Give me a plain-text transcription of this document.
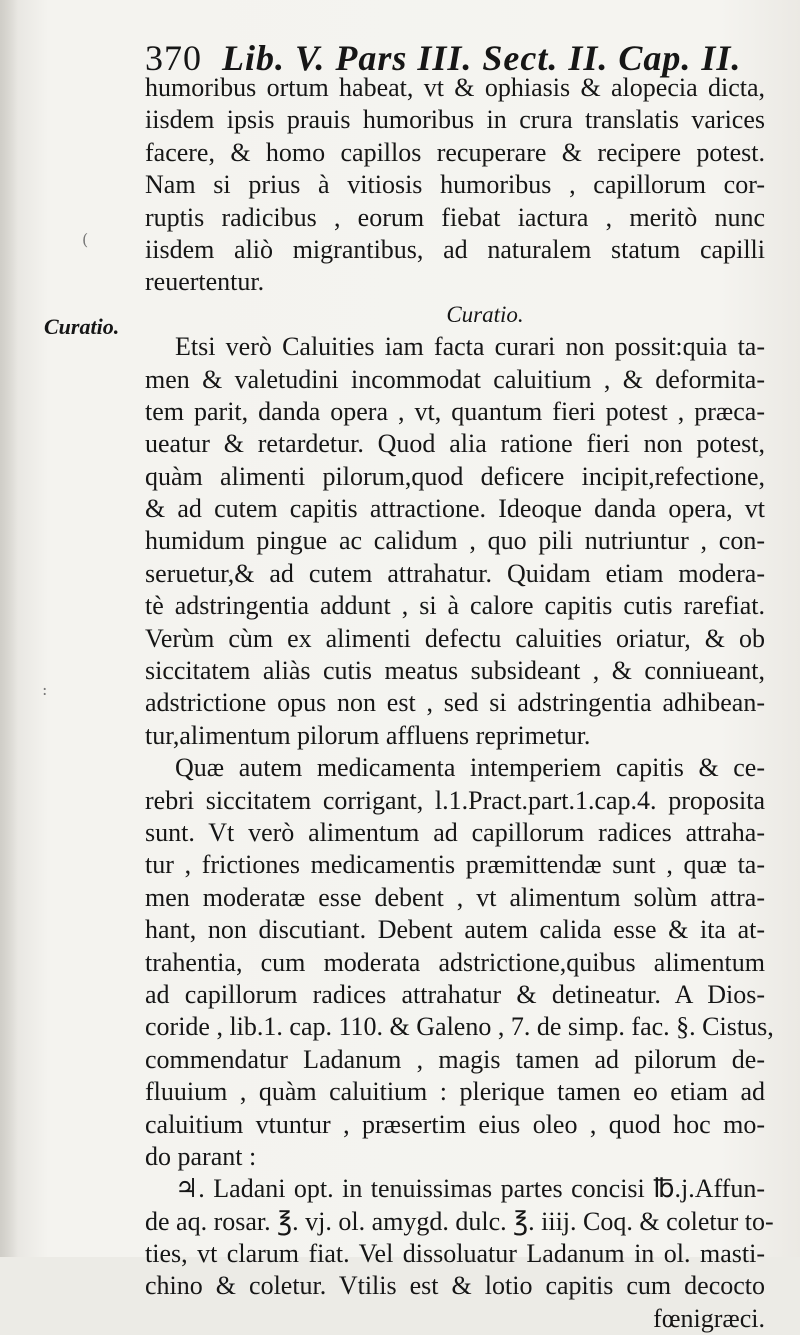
370 Lib. V. Pars III. Sect. II. Cap. II.
Curatio.
(
:
humoribus ortum habeat, vt & ophiasis & alopecia dicta,
iisdem ipsis prauis humoribus in crura translatis varices
facere, & homo capillos recuperare & recipere potest.
Nam si prius à vitiosis humoribus , capillorum cor-
ruptis radicibus , eorum fiebat iactura , meritò nunc
iisdem aliò migrantibus, ad naturalem statum capilli
reuertentur.
Curatio.
Etsi verò Caluities iam facta curari non possit:quia ta-
men & valetudini incommodat caluitium , & deformita-
tem parit, danda opera , vt, quantum fieri potest , præca-
ueatur & retardetur. Quod alia ratione fieri non potest,
quàm alimenti pilorum,quod deficere incipit,refectione,
& ad cutem capitis attractione. Ideoque danda opera, vt
humidum pingue ac calidum , quo pili nutriuntur , con-
seruetur,& ad cutem attrahatur. Quidam etiam modera-
tè adstringentia addunt , si à calore capitis cutis rarefiat.
Verùm cùm ex alimenti defectu caluities oriatur, & ob
siccitatem aliàs cutis meatus subsideant , & conniueant,
adstrictione opus non est , sed si adstringentia adhibean-
tur,alimentum pilorum affluens reprimetur.
Quæ autem medicamenta intemperiem capitis & ce-
rebri siccitatem corrigant, l.1.Pract.part.1.cap.4. proposita
sunt. Vt verò alimentum ad capillorum radices attraha-
tur , frictiones medicamentis præmittendæ sunt , quæ ta-
men moderatæ esse debent , vt alimentum solùm attra-
hant, non discutiant. Debent autem calida esse & ita at-
trahentia, cum moderata adstrictione,quibus alimentum
ad capillorum radices attrahatur & detineatur. A Dios-
coride , lib.1. cap. 110. & Galeno , 7. de simp. fac. §. Cistus,
commendatur Ladanum , magis tamen ad pilorum de-
fluuium , quàm caluitium : plerique tamen eo etiam ad
caluitium vtuntur , præsertim eius oleo , quod hoc mo-
do parant :
♃. Ladani opt. in tenuissimas partes concisi ℔.j.Affun-
de aq. rosar. ℥. vj. ol. amygd. dulc. ℥. iiij. Coq. & coletur to-
ties, vt clarum fiat. Vel dissoluatur Ladanum in ol. masti-
chino & coletur. Vtilis est & lotio capitis cum decocto
fœnigræci.
